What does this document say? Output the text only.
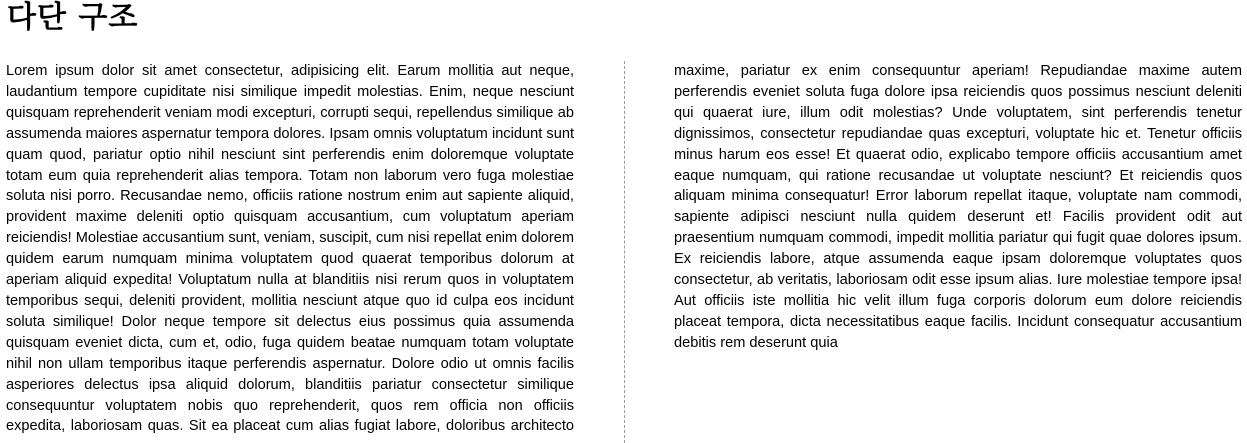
다단 구조

Lorem ipsum dolor sit amet consectetur, adipisicing elit. Earum mollitia aut neque, laudantium tempore cupiditate nisi similique impedit molestias. Enim, neque nesciunt quisquam reprehenderit veniam modi excepturi, corrupti sequi, repellendus similique ab assumenda maiores aspernatur tempora dolores. Ipsam omnis voluptatum incidunt sunt quam quod, pariatur optio nihil nesciunt sint perferendis enim doloremque voluptate totam eum quia reprehenderit alias tempora. Totam non laborum vero fuga molestiae soluta nisi porro. Recusandae nemo, officiis ratione nostrum enim aut sapiente aliquid, provident maxime deleniti optio quisquam accusantium, cum voluptatum aperiam reiciendis! Molestiae accusantium sunt, veniam, suscipit, cum nisi repellat enim dolorem quidem earum numquam minima voluptatem quod quaerat temporibus dolorum at aperiam aliquid expedita! Voluptatum nulla at blanditiis nisi rerum quos in voluptatem temporibus sequi, deleniti provident, mollitia nesciunt atque quo id culpa eos incidunt soluta similique! Dolor neque tempore sit delectus eius possimus quia assumenda quisquam eveniet dicta, cum et, odio, fuga quidem beatae numquam totam voluptate nihil non ullam temporibus itaque perferendis aspernatur. Dolore odio ut omnis facilis asperiores delectus ipsa aliquid dolorum, blanditiis pariatur consectetur similique consequuntur voluptatem nobis quo reprehenderit, quos rem officia non officiis expedita, laboriosam quas. Sit ea placeat cum alias fugiat labore, doloribus architecto maxime, pariatur ex enim consequuntur aperiam! Repudiandae maxime autem perferendis eveniet soluta fuga dolore ipsa reiciendis quos possimus nesciunt deleniti qui quaerat iure, illum odit molestias? Unde voluptatem, sint perferendis tenetur dignissimos, consectetur repudiandae quas excepturi, voluptate hic et. Tenetur officiis minus harum eos esse! Et quaerat odio, explicabo tempore officiis accusantium amet eaque numquam, qui ratione recusandae ut voluptate nesciunt? Et reiciendis quos aliquam minima consequatur! Error laborum repellat itaque, voluptate nam commodi, sapiente adipisci nesciunt nulla quidem deserunt et! Facilis provident odit aut praesentium numquam commodi, impedit mollitia pariatur qui fugit quae dolores ipsum. Ex reiciendis labore, atque assumenda eaque ipsam doloremque voluptates quos consectetur, ab veritatis, laboriosam odit esse ipsum alias. Iure molestiae tempore ipsa! Aut officiis iste mollitia hic velit illum fuga corporis dolorum eum dolore reiciendis placeat tempora, dicta necessitatibus eaque facilis. Incidunt consequatur accusantium debitis rem deserunt quia
